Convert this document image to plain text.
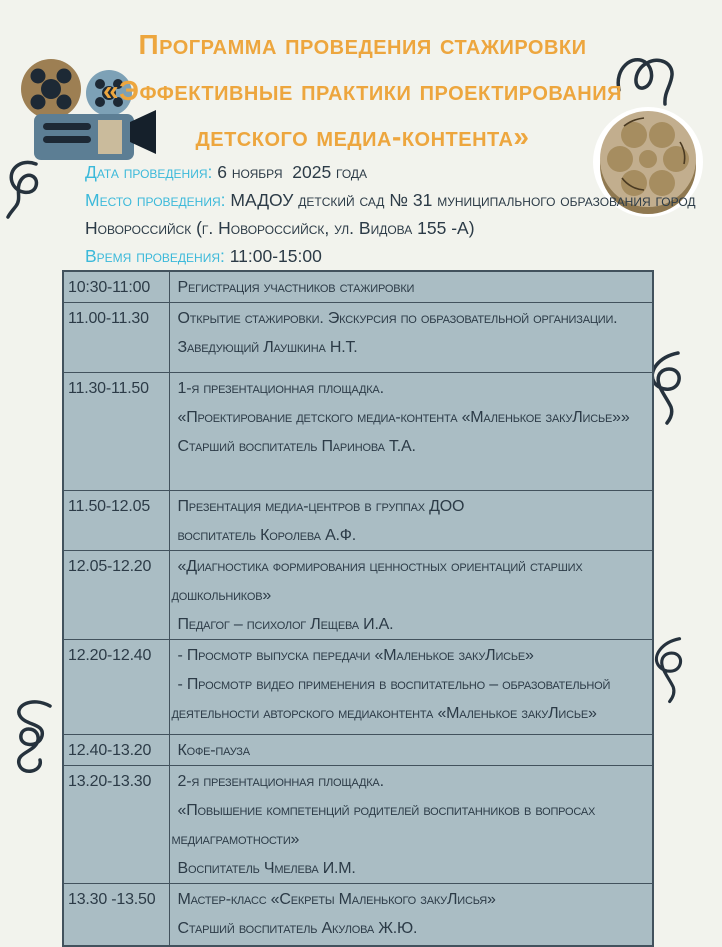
Программа проведения стажировки
«Эффективные практики проектирования
детского медиа-контента»
Дата проведения: 6 ноября  2025 года
Место проведения: МАДОУ детский сад № 31 муниципального образования город Новороссийск (г. Новороссийск, ул. Видова 155 -А)
Время проведения: 11:00-15:00
10:30-11:00	Регистрация участников стажировки

11.00-11.30	Открытие стажировки. Экскурсия по образовательной организации.
Заведующий Лаушкина Н.Т.

11.30-11.50	1-я презентационная площадка.
«Проектирование детского медиа-контента «Маленькое закуЛисье»»
Старший воспитатель Паринова Т.А.

11.50-12.05	Презентация медиа-центров в группах ДОО
воспитатель Королева А.Ф.

12.05-12.20	«Диагностика формирования ценностных ориентаций старших дошкольников»
Педагог – психолог Лещева И.А.

12.20-12.40	- Просмотр выпуска передачи «Маленькое закуЛисье»
- Просмотр видео применения в воспитательно – образовательной деятельности авторского медиаконтента «Маленькое закуЛисье»

12.40-13.20	Кофе-пауза

13.20-13.30	2-я презентационная площадка.
«Повышение компетенций родителей воспитанников в вопросах медиаграмотности»
Воспитатель Чмелева И.М.

13.30 -13.50	Мастер-класс «Секреты Маленького закуЛисья»
Старший воспитатель Акулова Ж.Ю.
